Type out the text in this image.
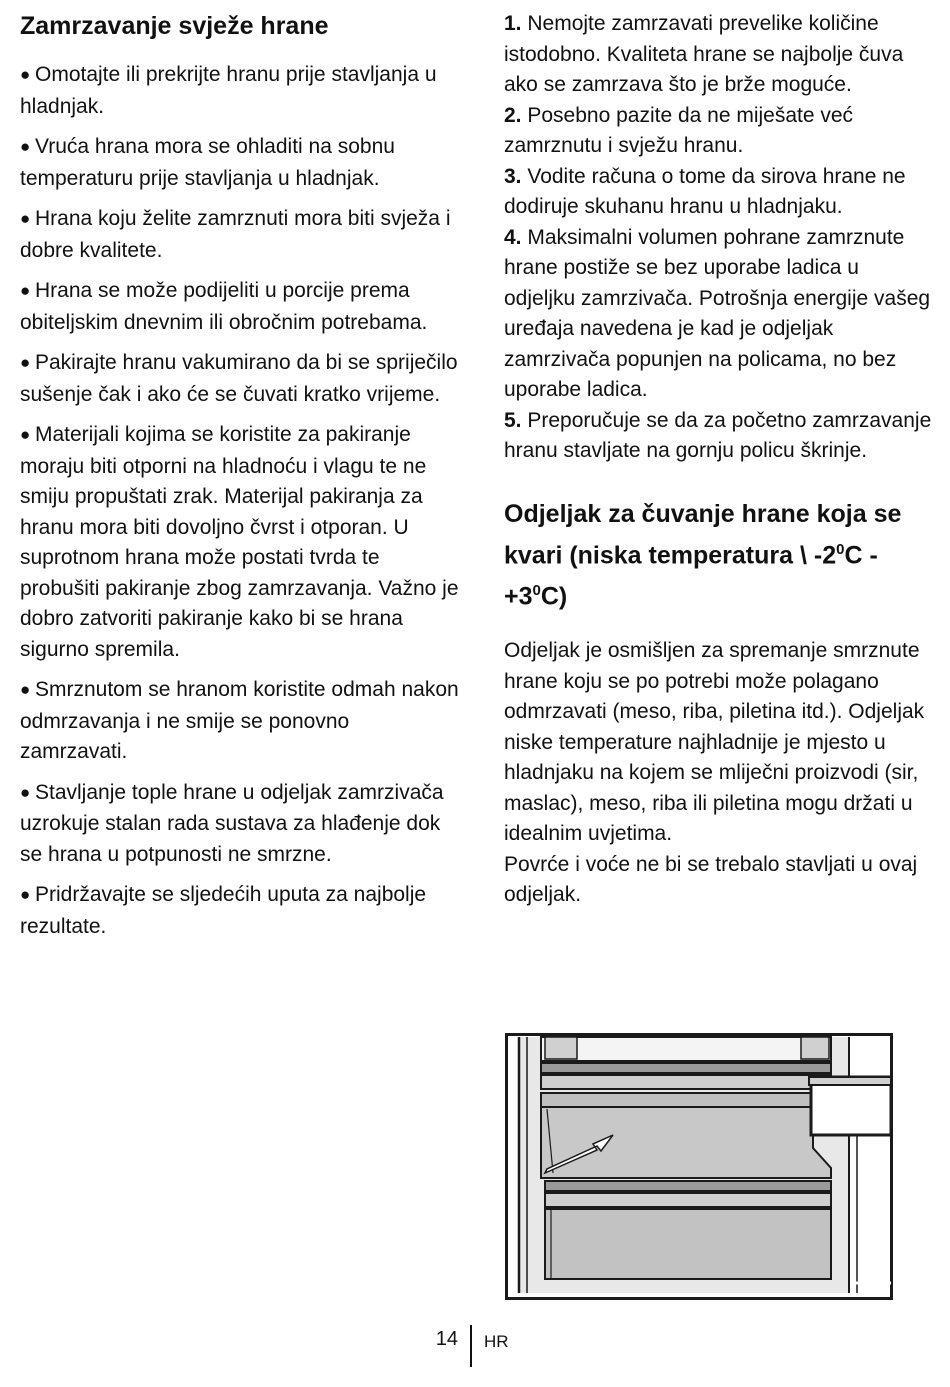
Zamrzavanje svježe hrane

● Omotajte ili prekrijte hranu prije stavljanja u hladnjak.

● Vruća hrana mora se ohladiti na sobnu temperaturu prije stavljanja u hladnjak.

● Hrana koju želite zamrznuti mora biti svježa i dobre kvalitete.

● Hrana se može podijeliti u porcije prema obiteljskim dnevnim ili obročnim potrebama.

● Pakirajte hranu vakumirano da bi se spriječilo sušenje čak i ako će se čuvati kratko vrijeme.

● Materijali kojima se koristite za pakiranje moraju biti otporni na hladnoću i vlagu te ne smiju propuštati zrak. Materijal pakiranja za hranu mora biti dovoljno čvrst i otporan. U suprotnom hrana može postati tvrda te probušiti pakiranje zbog zamrzavanja. Važno je dobro zatvoriti pakiranje kako bi se hrana sigurno spremila.

● Smrznutom se hranom koristite odmah nakon odmrzavanja i ne smije se ponovno zamrzavati.

● Stavljanje tople hrane u odjeljak zamrzivača uzrokuje stalan rada sustava za hlađenje dok se hrana u potpunosti ne smrzne.

● Pridržavajte se sljedećih uputa za najbolje rezultate.

1. Nemojte zamrzavati prevelike količine istodobno. Kvaliteta hrane se najbolje čuva ako se zamrzava što je brže moguće.

2. Posebno pazite da ne miješate već zamrznutu i svježu hranu.

3. Vodite računa o tome da sirova hrane ne dodiruje skuhanu hranu u hladnjaku.

4. Maksimalni volumen pohrane zamrznute hrane postiže se bez uporabe ladica u odjeljku zamrzivača. Potrošnja energije vašeg uređaja navedena je kad je odjeljak zamrzivača popunjen na policama, no bez uporabe ladica.

5. Preporučuje se da za početno zamrzavanje hranu stavljate na gornju policu škrinje.

Odjeljak za čuvanje hrane koja se kvari (niska temperatura \ $-2^0C - +3^0C$)

Odjeljak je osmišljen za spremanje smrznute hrane koju se po potrebi može polagano odmrzavati (meso, riba, piletina itd.). Odjeljak niske temperature najhladnije je mjesto u hladnjaku na kojem se mliječni proizvodi (sir, maslac), meso, riba ili piletina mogu držati u idealnim uvjetima.

Povrće i voće ne bi se trebalo stavljati u ovaj odjeljak.

14 HR
